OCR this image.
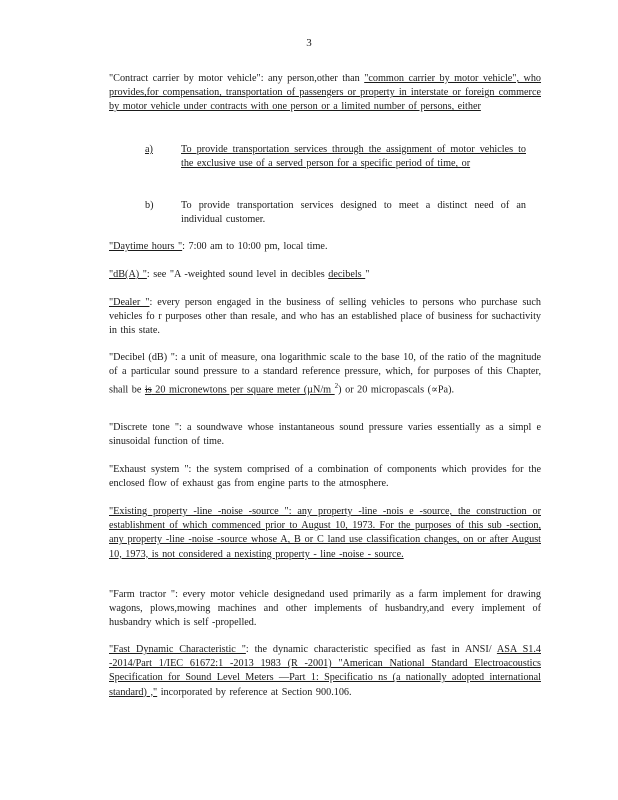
3

"Contract carrier by motor vehicle": any person,other than "common carrier by motor vehicle", who provides,for compensation, transportation of passengers or property in interstate or foreign commerce by motor vehicle under contracts with one person or a limited number of persons, either

a)	To provide transportation services through the assignment of motor vehicles to the exclusive use of a served person for a specific period of time, or

b)	To provide transportation services designed to meet a distinct need of an individual customer.

"Daytime hours ": 7:00 am to 10:00 pm, local time.

"dB(A) ": see "A -weighted sound level in decibles decibels "

"Dealer ": every person engaged in the business of selling vehicles to persons who purchase such vehicles fo r purposes other than resale, and who has an established place of business for suchactivity in this state.

"Decibel (dB) ": a unit of measure, ona logarithmic scale to the base 10, of the ratio of the magnitude of a particular sound pressure to a standard reference pressure, which, for purposes of this Chapter, shall be is 20 micronewtons per square meter (µN/m $^2$) or 20 micropascals (∝Pa).

"Discrete tone ": a soundwave whose instantaneous sound pressure varies essentially as a simpl e sinusoidal function of time.

"Exhaust system ": the system comprised of a combination of components which provides for the enclosed flow of exhaust gas from engine parts to the atmosphere.

"Existing property -line -noise -source ": any property -line -nois e -source, the construction or establishment of which commenced prior to August 10, 1973. For the purposes of this sub -section, any property -line -noise -source whose A, B or C land use classification changes, on or after August 10, 1973, is not considered a nexisting property - line -noise - source.

"Farm tractor ": every motor vehicle designedand used primarily as a farm implement for drawing wagons, plows,mowing machines and other implements of husbandry,and every implement of husbandry which is self -propelled.

"Fast Dynamic Characteristic ": the dynamic characteristic specified as fast in ANSI/ ASA S1.4 -2014/Part 1/IEC 61672:1 -2013 1983 (R -2001) "American National Standard Electroacoustics Specification for Sound Level Meters —Part 1: Specificatio ns (a nationally adopted international standard) ," incorporated by reference at Section 900.106.
